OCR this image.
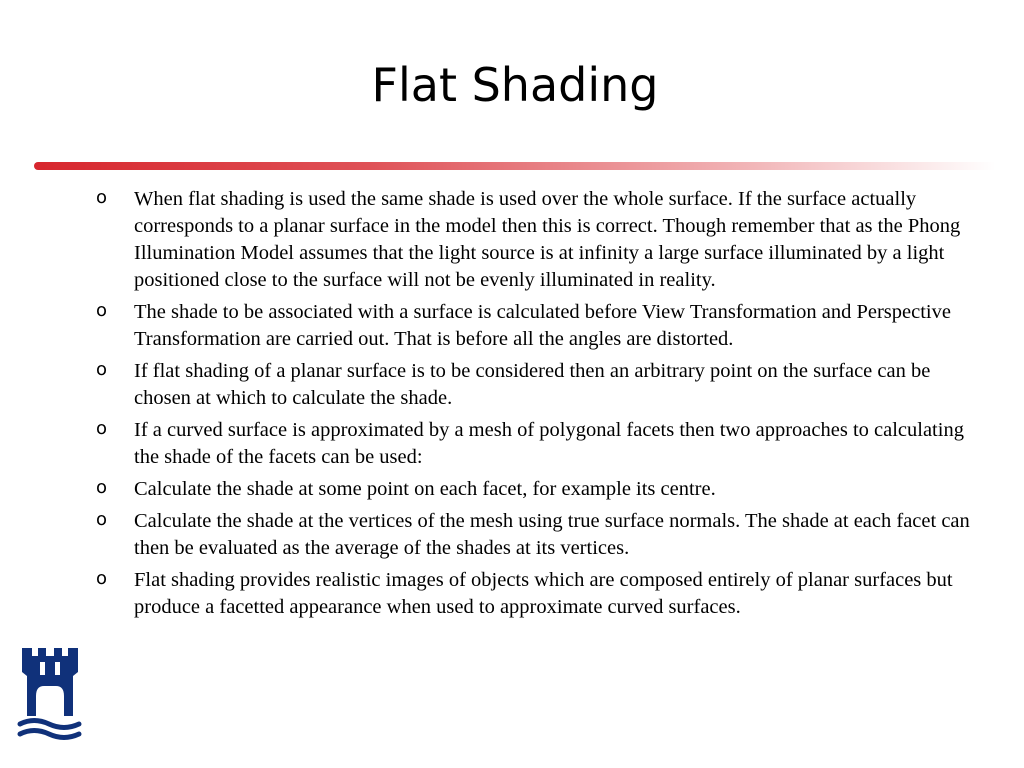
Flat Shading
o When flat shading is used the same shade is used over the whole surface. If the surface actually corresponds to a planar surface in the model then this is correct. Though remember that as the Phong Illumination Model assumes that the light source is at infinity a large surface illuminated by a light positioned close to the surface will not be evenly illuminated in reality.
o The shade to be associated with a surface is calculated before View Transformation and Perspective Transformation are carried out. That is before all the angles are distorted.
o If flat shading of a planar surface is to be considered then an arbitrary point on the surface can be chosen at which to calculate the shade.
o If a curved surface is approximated by a mesh of polygonal facets then two approaches to calculating the shade of the facets can be used:
o Calculate the shade at some point on each facet, for example its centre.
o Calculate the shade at the vertices of the mesh using true surface normals. The shade at each facet can then be evaluated as the average of the shades at its vertices.
o Flat shading provides realistic images of objects which are composed entirely of planar surfaces but produce a facetted appearance when used to approximate curved surfaces.
